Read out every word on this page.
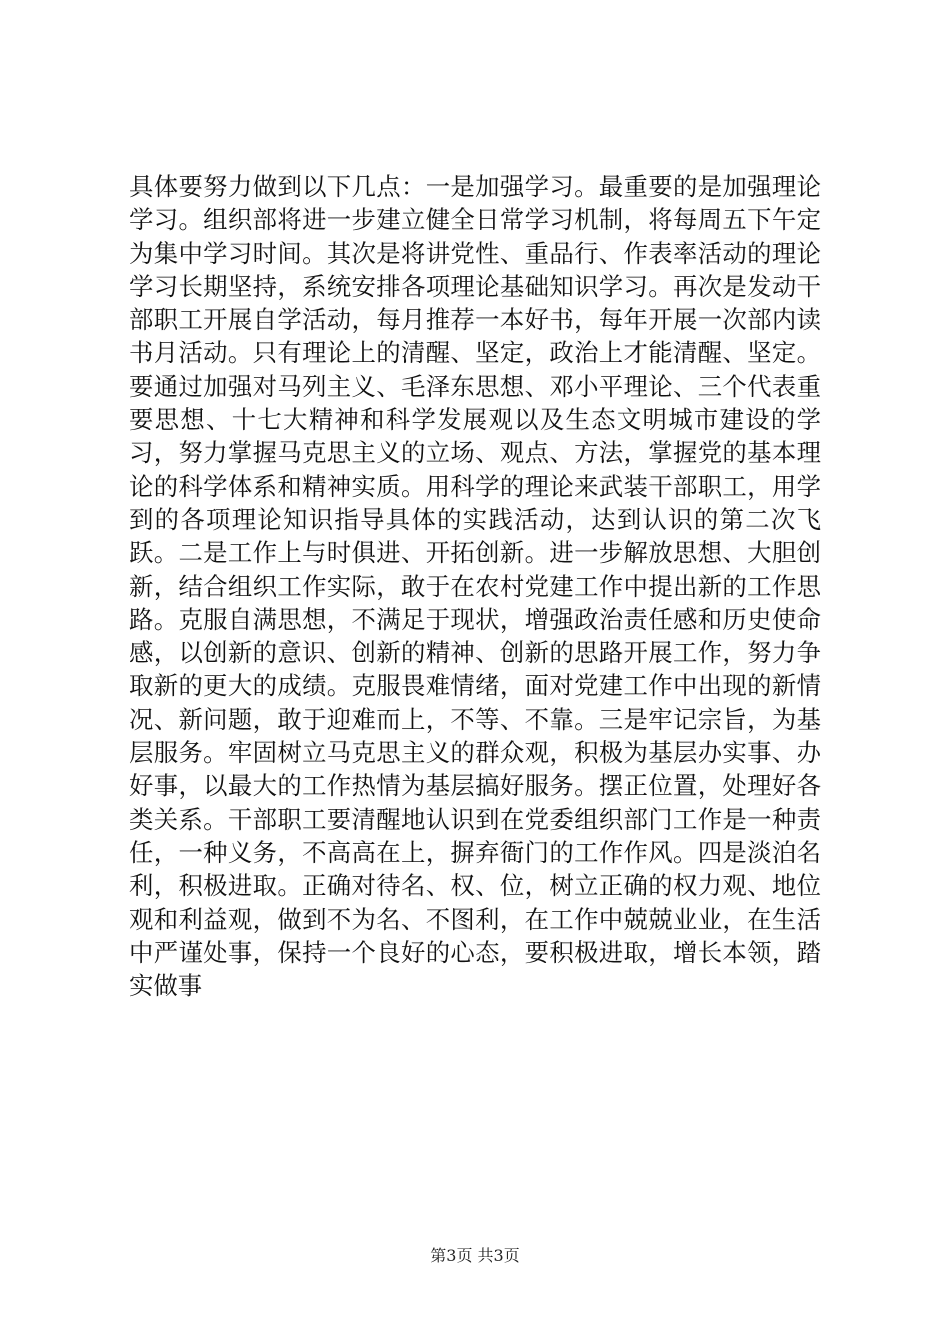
具体要努力做到以下几点：一是加强学习。最重要的是加强理论学习。组织部将进一步建立健全日常学习机制，将每周五下午定为集中学习时间。其次是将讲党性、重品行、作表率活动的理论学习长期坚持，系统安排各项理论基础知识学习。再次是发动干部职工开展自学活动，每月推荐一本好书，每年开展一次部内读书月活动。只有理论上的清醒、坚定，政治上才能清醒、坚定。要通过加强对马列主义、毛泽东思想、邓小平理论、三个代表重要思想、十七大精神和科学发展观以及生态文明城市建设的学习，努力掌握马克思主义的立场、观点、方法，掌握党的基本理论的科学体系和精神实质。用科学的理论来武装干部职工，用学到的各项理论知识指导具体的实践活动，达到认识的第二次飞跃。二是工作上与时俱进、开拓创新。进一步解放思想、大胆创新，结合组织工作实际，敢于在农村党建工作中提出新的工作思路。克服自满思想，不满足于现状，增强政治责任感和历史使命感，以创新的意识、创新的精神、创新的思路开展工作，努力争取新的更大的成绩。克服畏难情绪，面对党建工作中出现的新情况、新问题，敢于迎难而上，不等、不靠。三是牢记宗旨，为基层服务。牢固树立马克思主义的群众观，积极为基层办实事、办好事，以最大的工作热情为基层搞好服务。摆正位置，处理好各类关系。干部职工要清醒地认识到在党委组织部门工作是一种责任，一种义务，不高高在上，摒弃衙门的工作作风。四是淡泊名利，积极进取。正确对待名、权、位，树立正确的权力观、地位观和利益观，做到不为名、不图利，在工作中兢兢业业，在生活中严谨处事，保持一个良好的心态，要积极进取，增长本领，踏实做事

第3页 共3页
